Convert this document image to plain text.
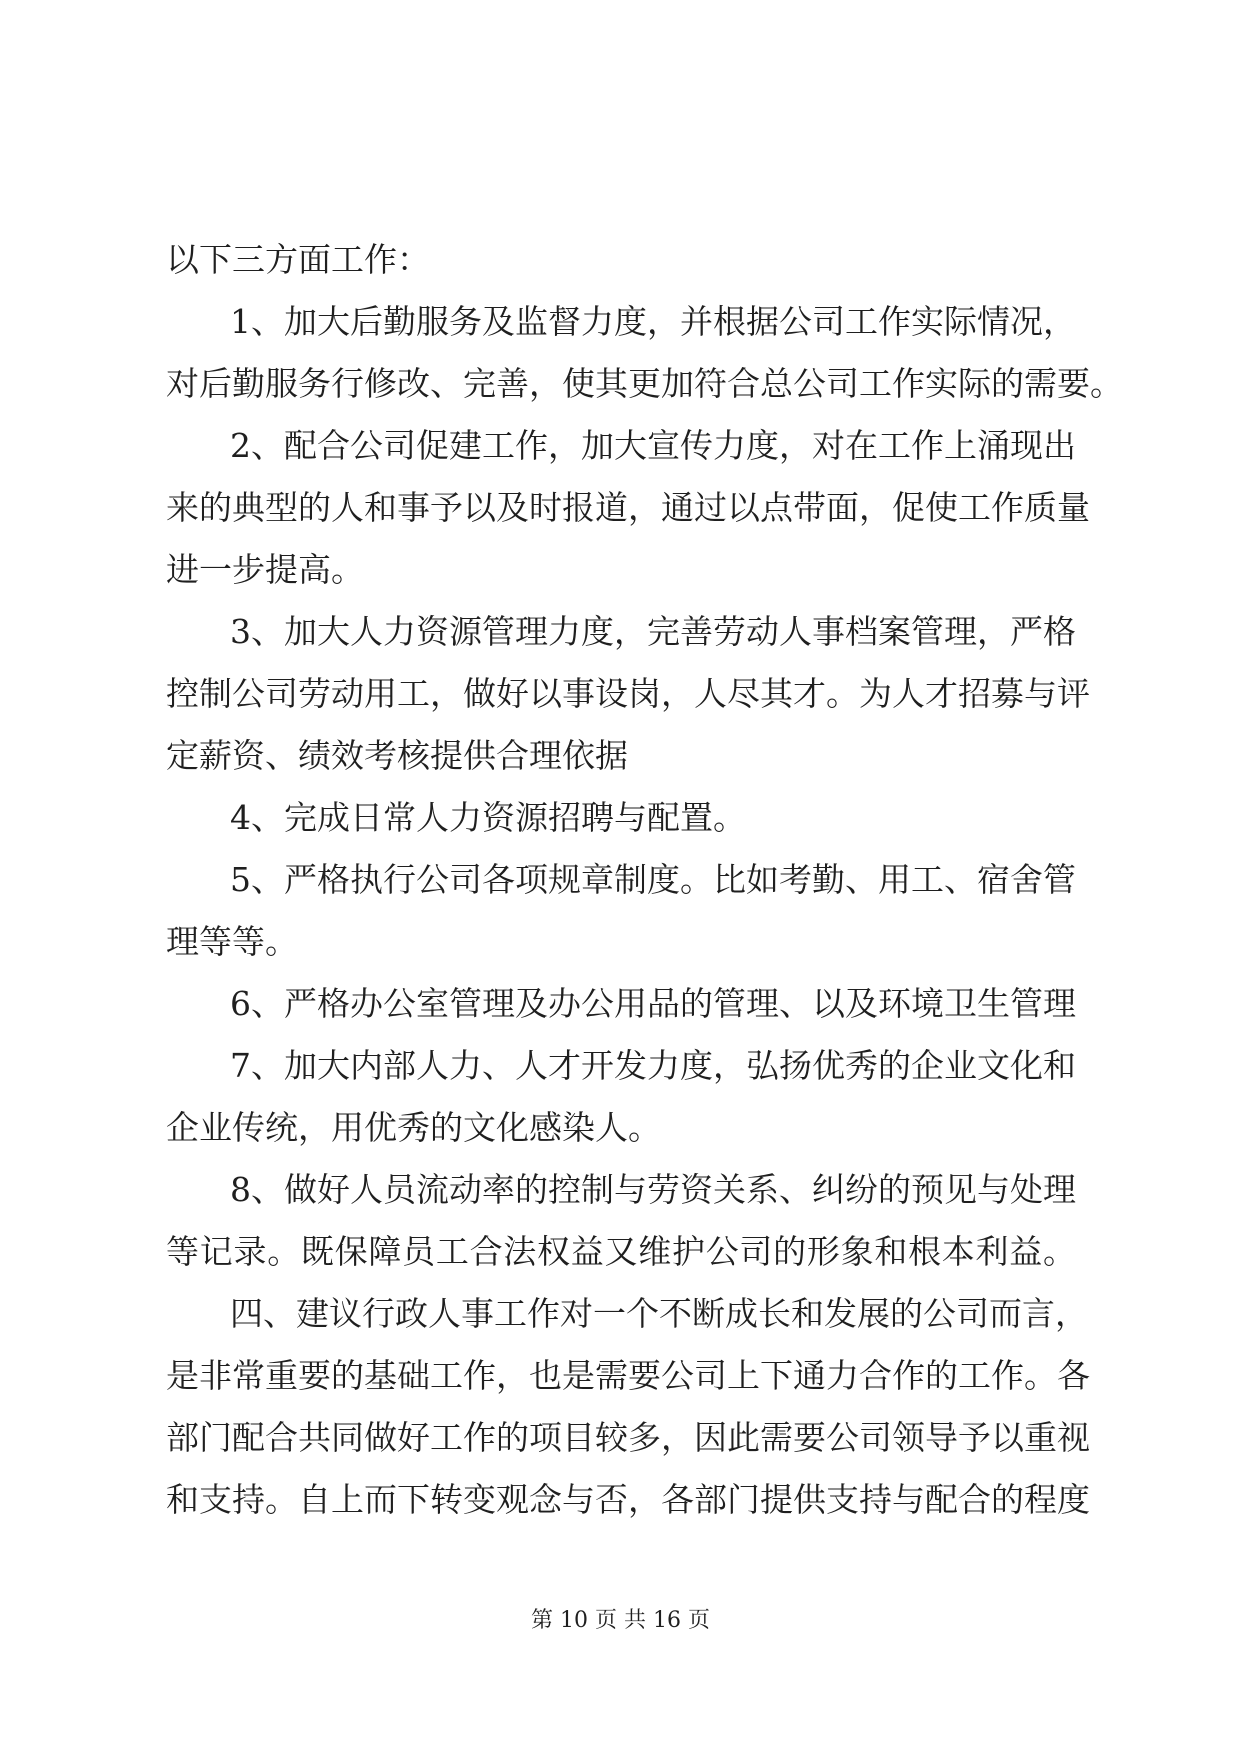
以下三方面工作：
1、加大后勤服务及监督力度，并根据公司工作实际情况，
对后勤服务行修改、完善，使其更加符合总公司工作实际的需要。
2、配合公司促建工作，加大宣传力度，对在工作上涌现出
来的典型的人和事予以及时报道，通过以点带面，促使工作质量
进一步提高。
3、加大人力资源管理力度，完善劳动人事档案管理，严格
控制公司劳动用工，做好以事设岗，人尽其才。为人才招募与评
定薪资、绩效考核提供合理依据
4、完成日常人力资源招聘与配置。
5、严格执行公司各项规章制度。比如考勤、用工、宿舍管
理等等。
6、严格办公室管理及办公用品的管理、以及环境卫生管理
7、加大内部人力、人才开发力度，弘扬优秀的企业文化和
企业传统，用优秀的文化感染人。
8、做好人员流动率的控制与劳资关系、纠纷的预见与处理
等记录。既保障员工合法权益又维护公司的形象和根本利益。
四、建议行政人事工作对一个不断成长和发展的公司而言，
是非常重要的基础工作，也是需要公司上下通力合作的工作。各
部门配合共同做好工作的项目较多，因此需要公司领导予以重视
和支持。自上而下转变观念与否，各部门提供支持与配合的程度
第 10 页 共 16 页
